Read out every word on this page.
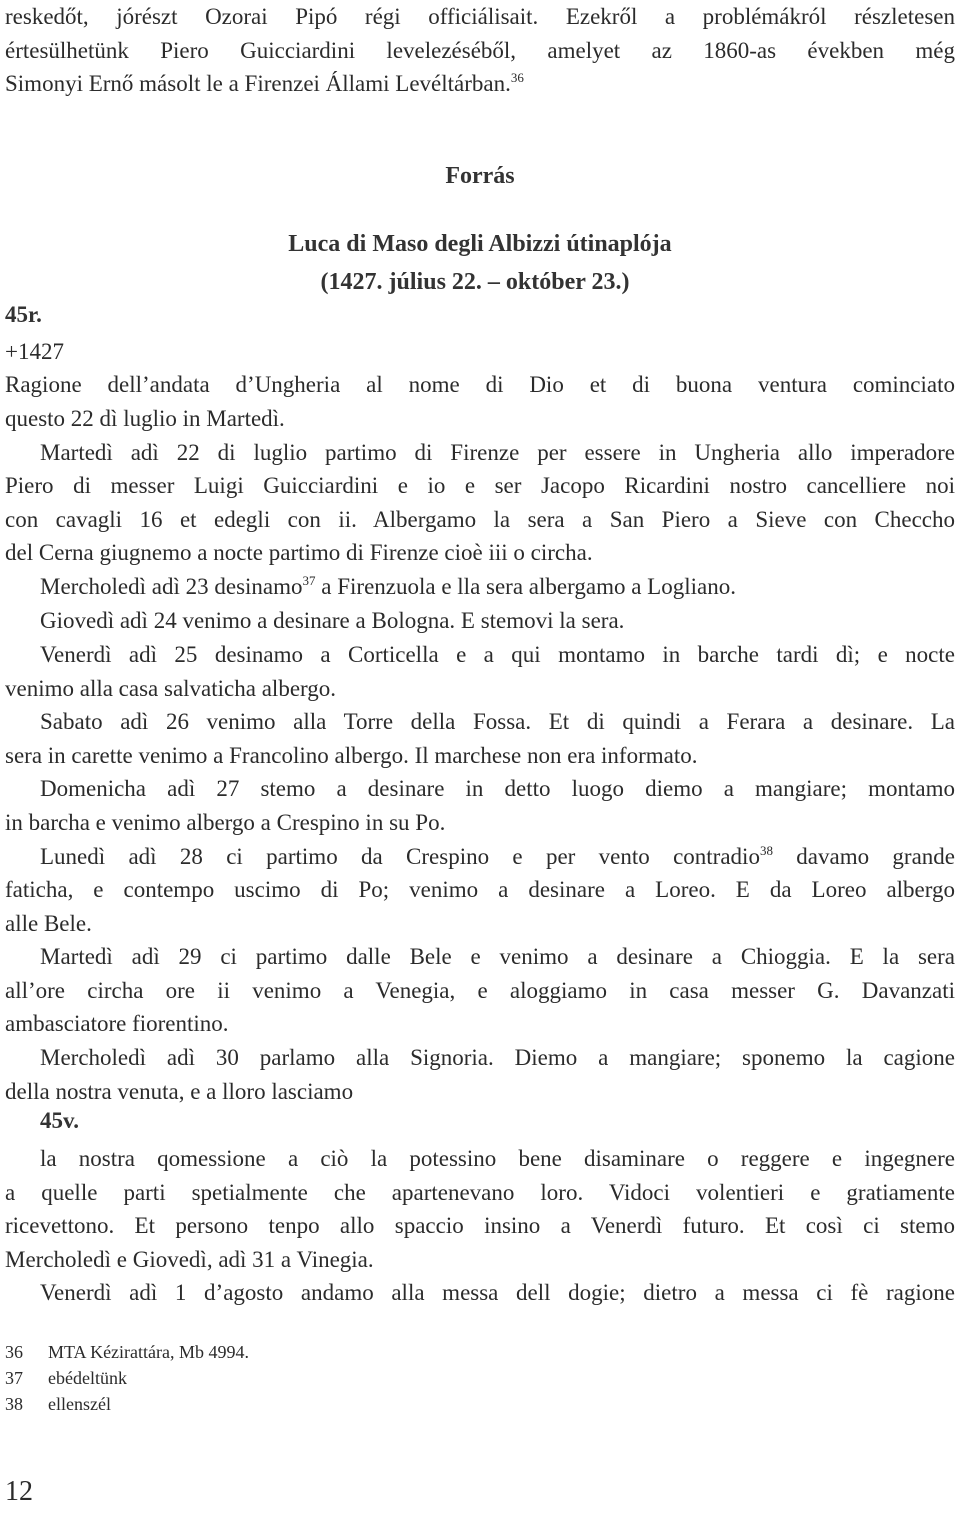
reskedőt, jórészt Ozorai Pipó régi officiálisait. Ezekről a problémákról részletesen
értesülhetünk Piero Guicciardini levelezéséből, amelyet az 1860-as években még
Simonyi Ernő másolt le a Firenzei Állami Levéltárban.$^{36}$
Forrás
Luca di Maso degli Albizzi útinaplója
(1427. július 22. – október 23.)
45r.
+1427
Ragione dell’andata d’Ungheria al nome di Dio et di buona ventura cominciato
questo 22 dì luglio in Martedì.
Martedì adì 22 di luglio partimo di Firenze per essere in Ungheria allo imperadore
Piero di messer Luigi Guicciardini e io e ser Jacopo Ricardini nostro cancelliere noi
con cavagli 16 et edegli con ii. Albergamo la sera a San Piero a Sieve con Checcho
del Cerna giugnemo a nocte partimo di Firenze cioè iii o circha.
Mercholedì adì 23 desinamo$^{37}$ a Firenzuola e lla sera albergamo a Logliano.
Giovedì adì 24 venimo a desinare a Bologna. E stemovi la sera.
Venerdì adì 25 desinamo a Corticella e a qui montamo in barche tardi dì; e nocte
venimo alla casa salvaticha albergo.
Sabato adì 26 venimo alla Torre della Fossa. Et di quindi a Ferara a desinare. La
sera in carette venimo a Francolino albergo. Il marchese non era informato.
Domenicha adì 27 stemo a desinare in detto luogo diemo a mangiare; montamo
in barcha e venimo albergo a Crespino in su Po.
Lunedì adì 28 ci partimo da Crespino e per vento contradio$^{38}$ davamo grande
faticha, e contempo uscimo di Po; venimo a desinare a Loreo. E da Loreo albergo
alle Bele.
Martedì adì 29 ci partimo dalle Bele e venimo a desinare a Chioggia. E la sera
all’ore circha ore ii venimo a Venegia, e aloggiamo in casa messer G. Davanzati
ambasciatore fiorentino.
Mercholedì adì 30 parlamo alla Signoria. Diemo a mangiare; sponemo la cagione
della nostra venuta, e a lloro lasciamo
45v.
la nostra qomessione a ciò la potessino bene disaminare o reggere e ingegnere
a quelle parti spetialmente che apartenevano loro. Vidoci volentieri e gratiamente
ricevettono. Et persono tenpo allo spaccio insino a Venerdì futuro. Et così ci stemo
Mercholedì e Giovedì, adì 31 a Vinegia.
Venerdì adì 1 d’agosto andamo alla messa dell dogie; dietro a messa ci fè ragione
36 MTA Kézirattára, Mb 4994.
37 ebédeltünk
38 ellenszél
12
